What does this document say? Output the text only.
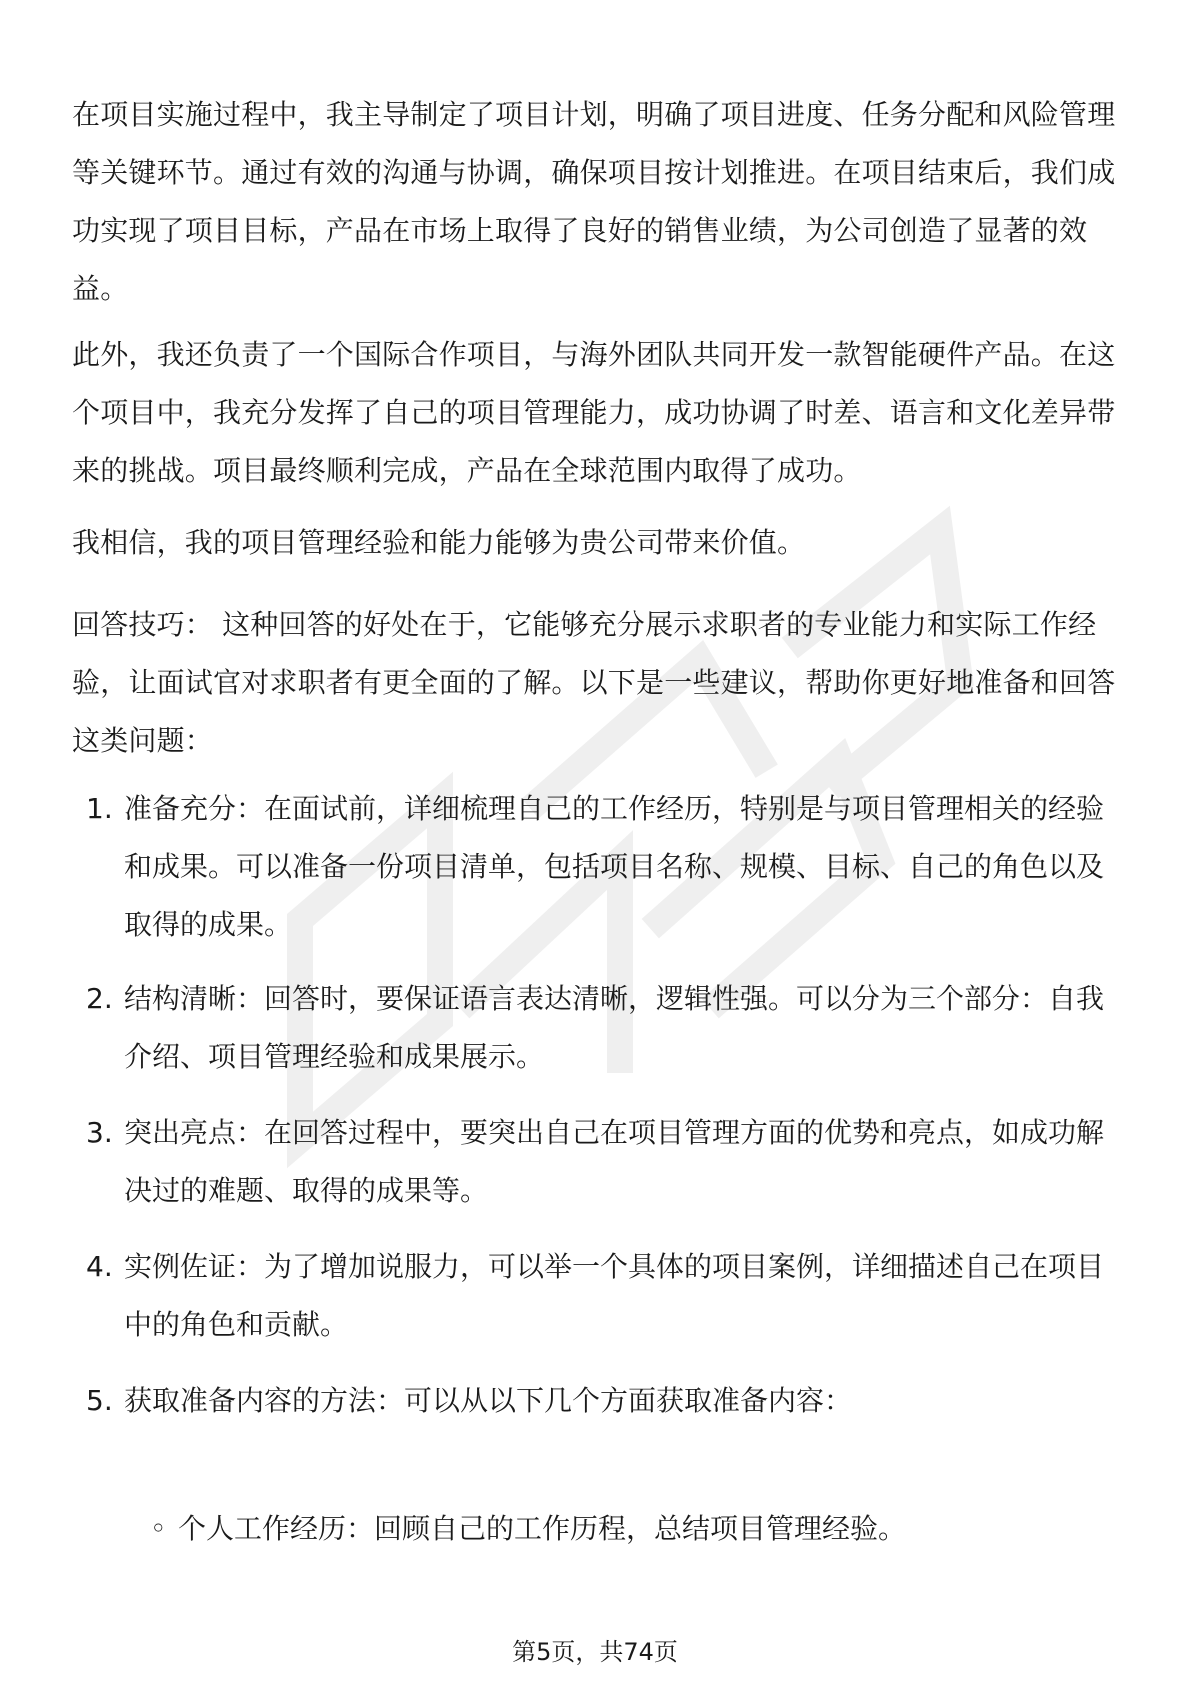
在项目实施过程中，我主导制定了项目计划，明确了项目进度、任务分配和风险管理等关键环节。通过有效的沟通与协调，确保项目按计划推进。在项目结束后，我们成功实现了项目目标，产品在市场上取得了良好的销售业绩，为公司创造了显著的效益。

此外，我还负责了一个国际合作项目，与海外团队共同开发一款智能硬件产品。在这个项目中，我充分发挥了自己的项目管理能力，成功协调了时差、语言和文化差异带来的挑战。项目最终顺利完成，产品在全球范围内取得了成功。

我相信，我的项目管理经验和能力能够为贵公司带来价值。

回答技巧： 这种回答的好处在于，它能够充分展示求职者的专业能力和实际工作经验，让面试官对求职者有更全面的了解。以下是一些建议，帮助你更好地准备和回答这类问题：

1. 准备充分：在面试前，详细梳理自己的工作经历，特别是与项目管理相关的经验和成果。可以准备一份项目清单，包括项目名称、规模、目标、自己的角色以及取得的成果。
2. 结构清晰：回答时，要保证语言表达清晰，逻辑性强。可以分为三个部分：自我介绍、项目管理经验和成果展示。
3. 突出亮点：在回答过程中，要突出自己在项目管理方面的优势和亮点，如成功解决过的难题、取得的成果等。
4. 实例佐证：为了增加说服力，可以举一个具体的项目案例，详细描述自己在项目中的角色和贡献。
5. 获取准备内容的方法：可以从以下几个方面获取准备内容：
◦ 个人工作经历：回顾自己的工作历程，总结项目管理经验。
第5页，共74页
